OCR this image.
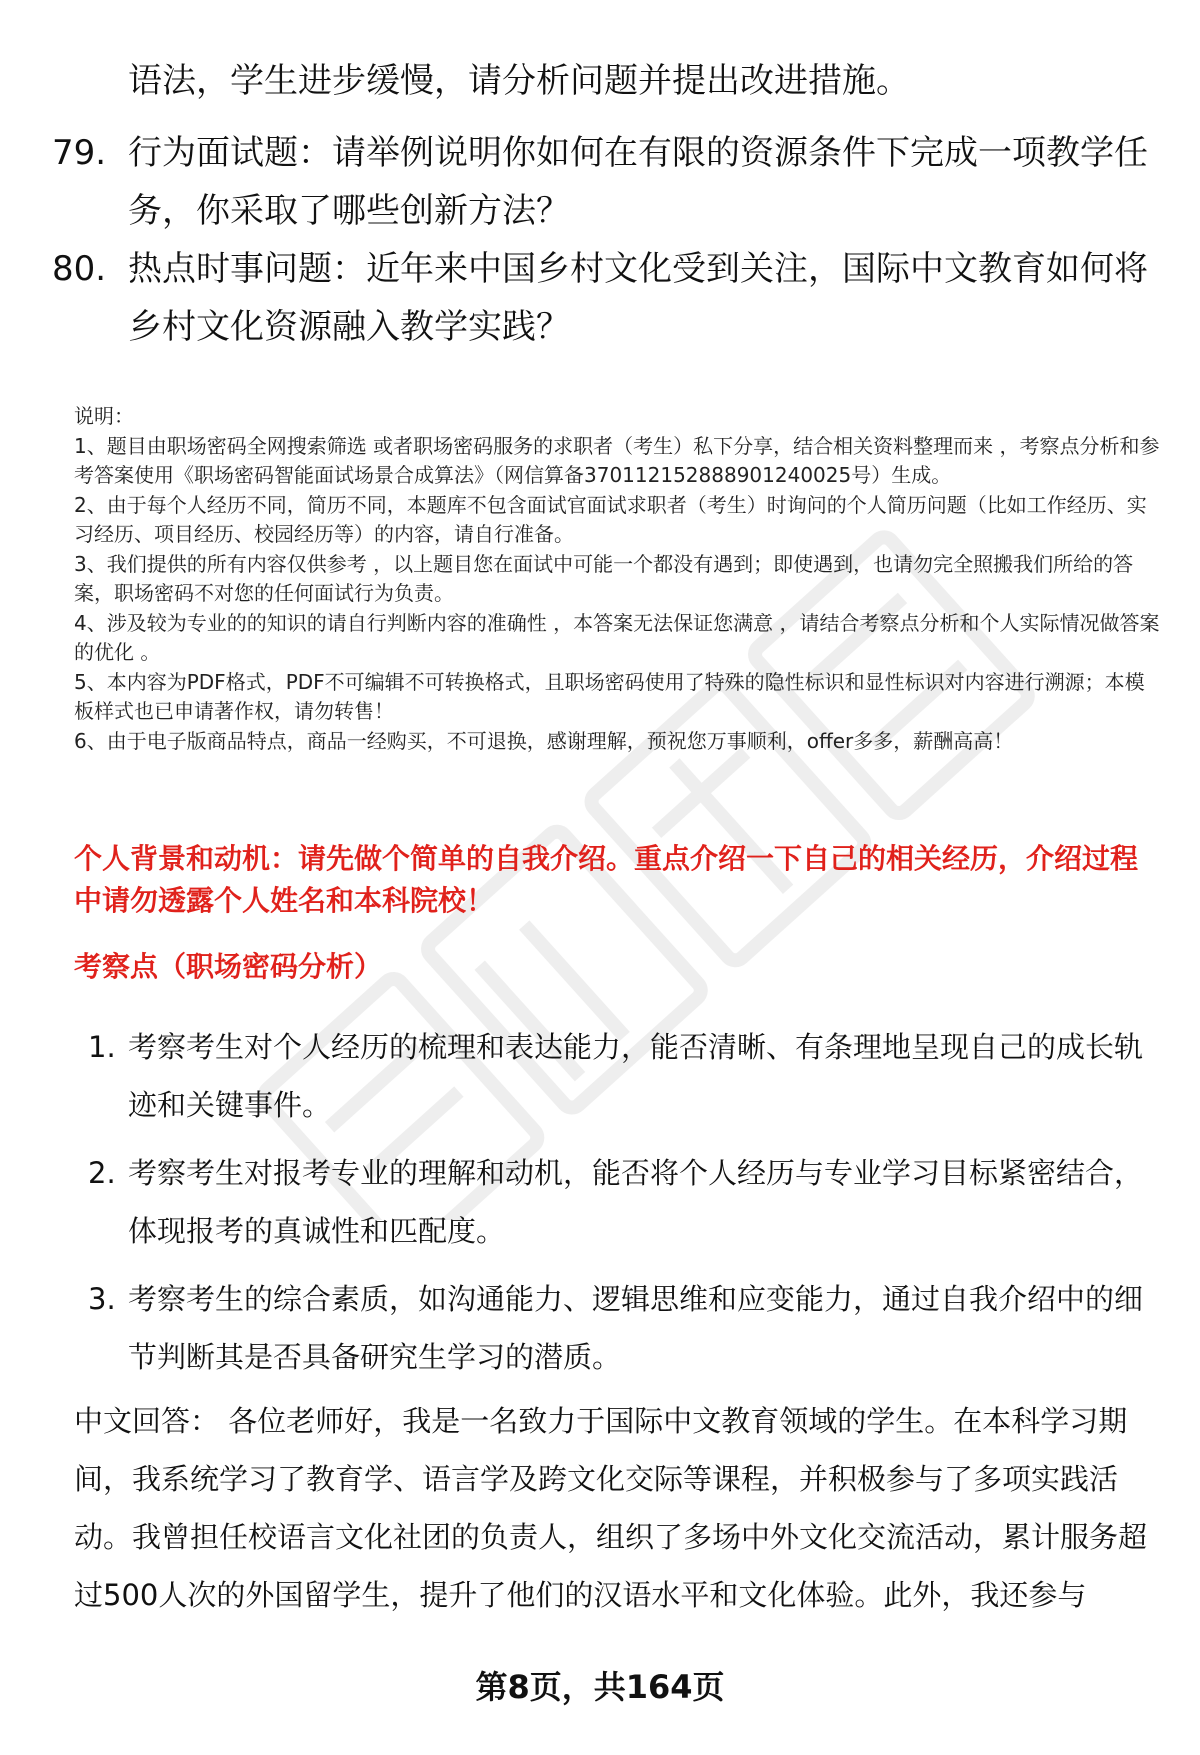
语法，学生进步缓慢，请分析问题并提出改进措施。

79. 行为面试题：请举例说明你如何在有限的资源条件下完成一项教学任务，你采取了哪些创新方法？
80. 热点时事问题：近年来中国乡村文化受到关注，国际中文教育如何将乡村文化资源融入教学实践？

说明：

1、题目由职场密码全网搜索筛选 或者职场密码服务的求职者（考生）私下分享，结合相关资料整理而来 ，考察点分析和参考答案使用《职场密码智能面试场景合成算法》（网信算备370112152888901240025号）生成。

2、由于每个人经历不同，简历不同，本题库不包含面试官面试求职者（考生）时询问的个人简历问题（比如工作经历、实习经历、项目经历、校园经历等）的内容，请自行准备。

3、我们提供的所有内容仅供参考 ，以上题目您在面试中可能一个都没有遇到；即使遇到，也请勿完全照搬我们所给的答案，职场密码不对您的任何面试行为负责。

4、涉及较为专业的的知识的请自行判断内容的准确性 ，本答案无法保证您满意 ，请结合考察点分析和个人实际情况做答案的优化 。

5、本内容为PDF格式，PDF不可编辑不可转换格式，且职场密码使用了特殊的隐性标识和显性标识对内容进行溯源；本模板样式也已申请著作权，请勿转售！

6、由于电子版商品特点，商品一经购买，不可退换，感谢理解，预祝您万事顺利，offer多多，薪酬高高！

个人背景和动机：请先做个简单的自我介绍。重点介绍一下自己的相关经历，介绍过程中请勿透露个人姓名和本科院校！
考察点（职场密码分析）
1. 考察考生对个人经历的梳理和表达能力，能否清晰、有条理地呈现自己的成长轨迹和关键事件。
2. 考察考生对报考专业的理解和动机，能否将个人经历与专业学习目标紧密结合，体现报考的真诚性和匹配度。
3. 考察考生的综合素质，如沟通能力、逻辑思维和应变能力，通过自我介绍中的细节判断其是否具备研究生学习的潜质。

中文回答： 各位老师好，我是一名致力于国际中文教育领域的学生。在本科学习期间，我系统学习了教育学、语言学及跨文化交际等课程，并积极参与了多项实践活动。我曾担任校语言文化社团的负责人，组织了多场中外文化交流活动，累计服务超过500人次的外国留学生，提升了他们的汉语水平和文化体验。此外，我还参与

第8页，共164页
